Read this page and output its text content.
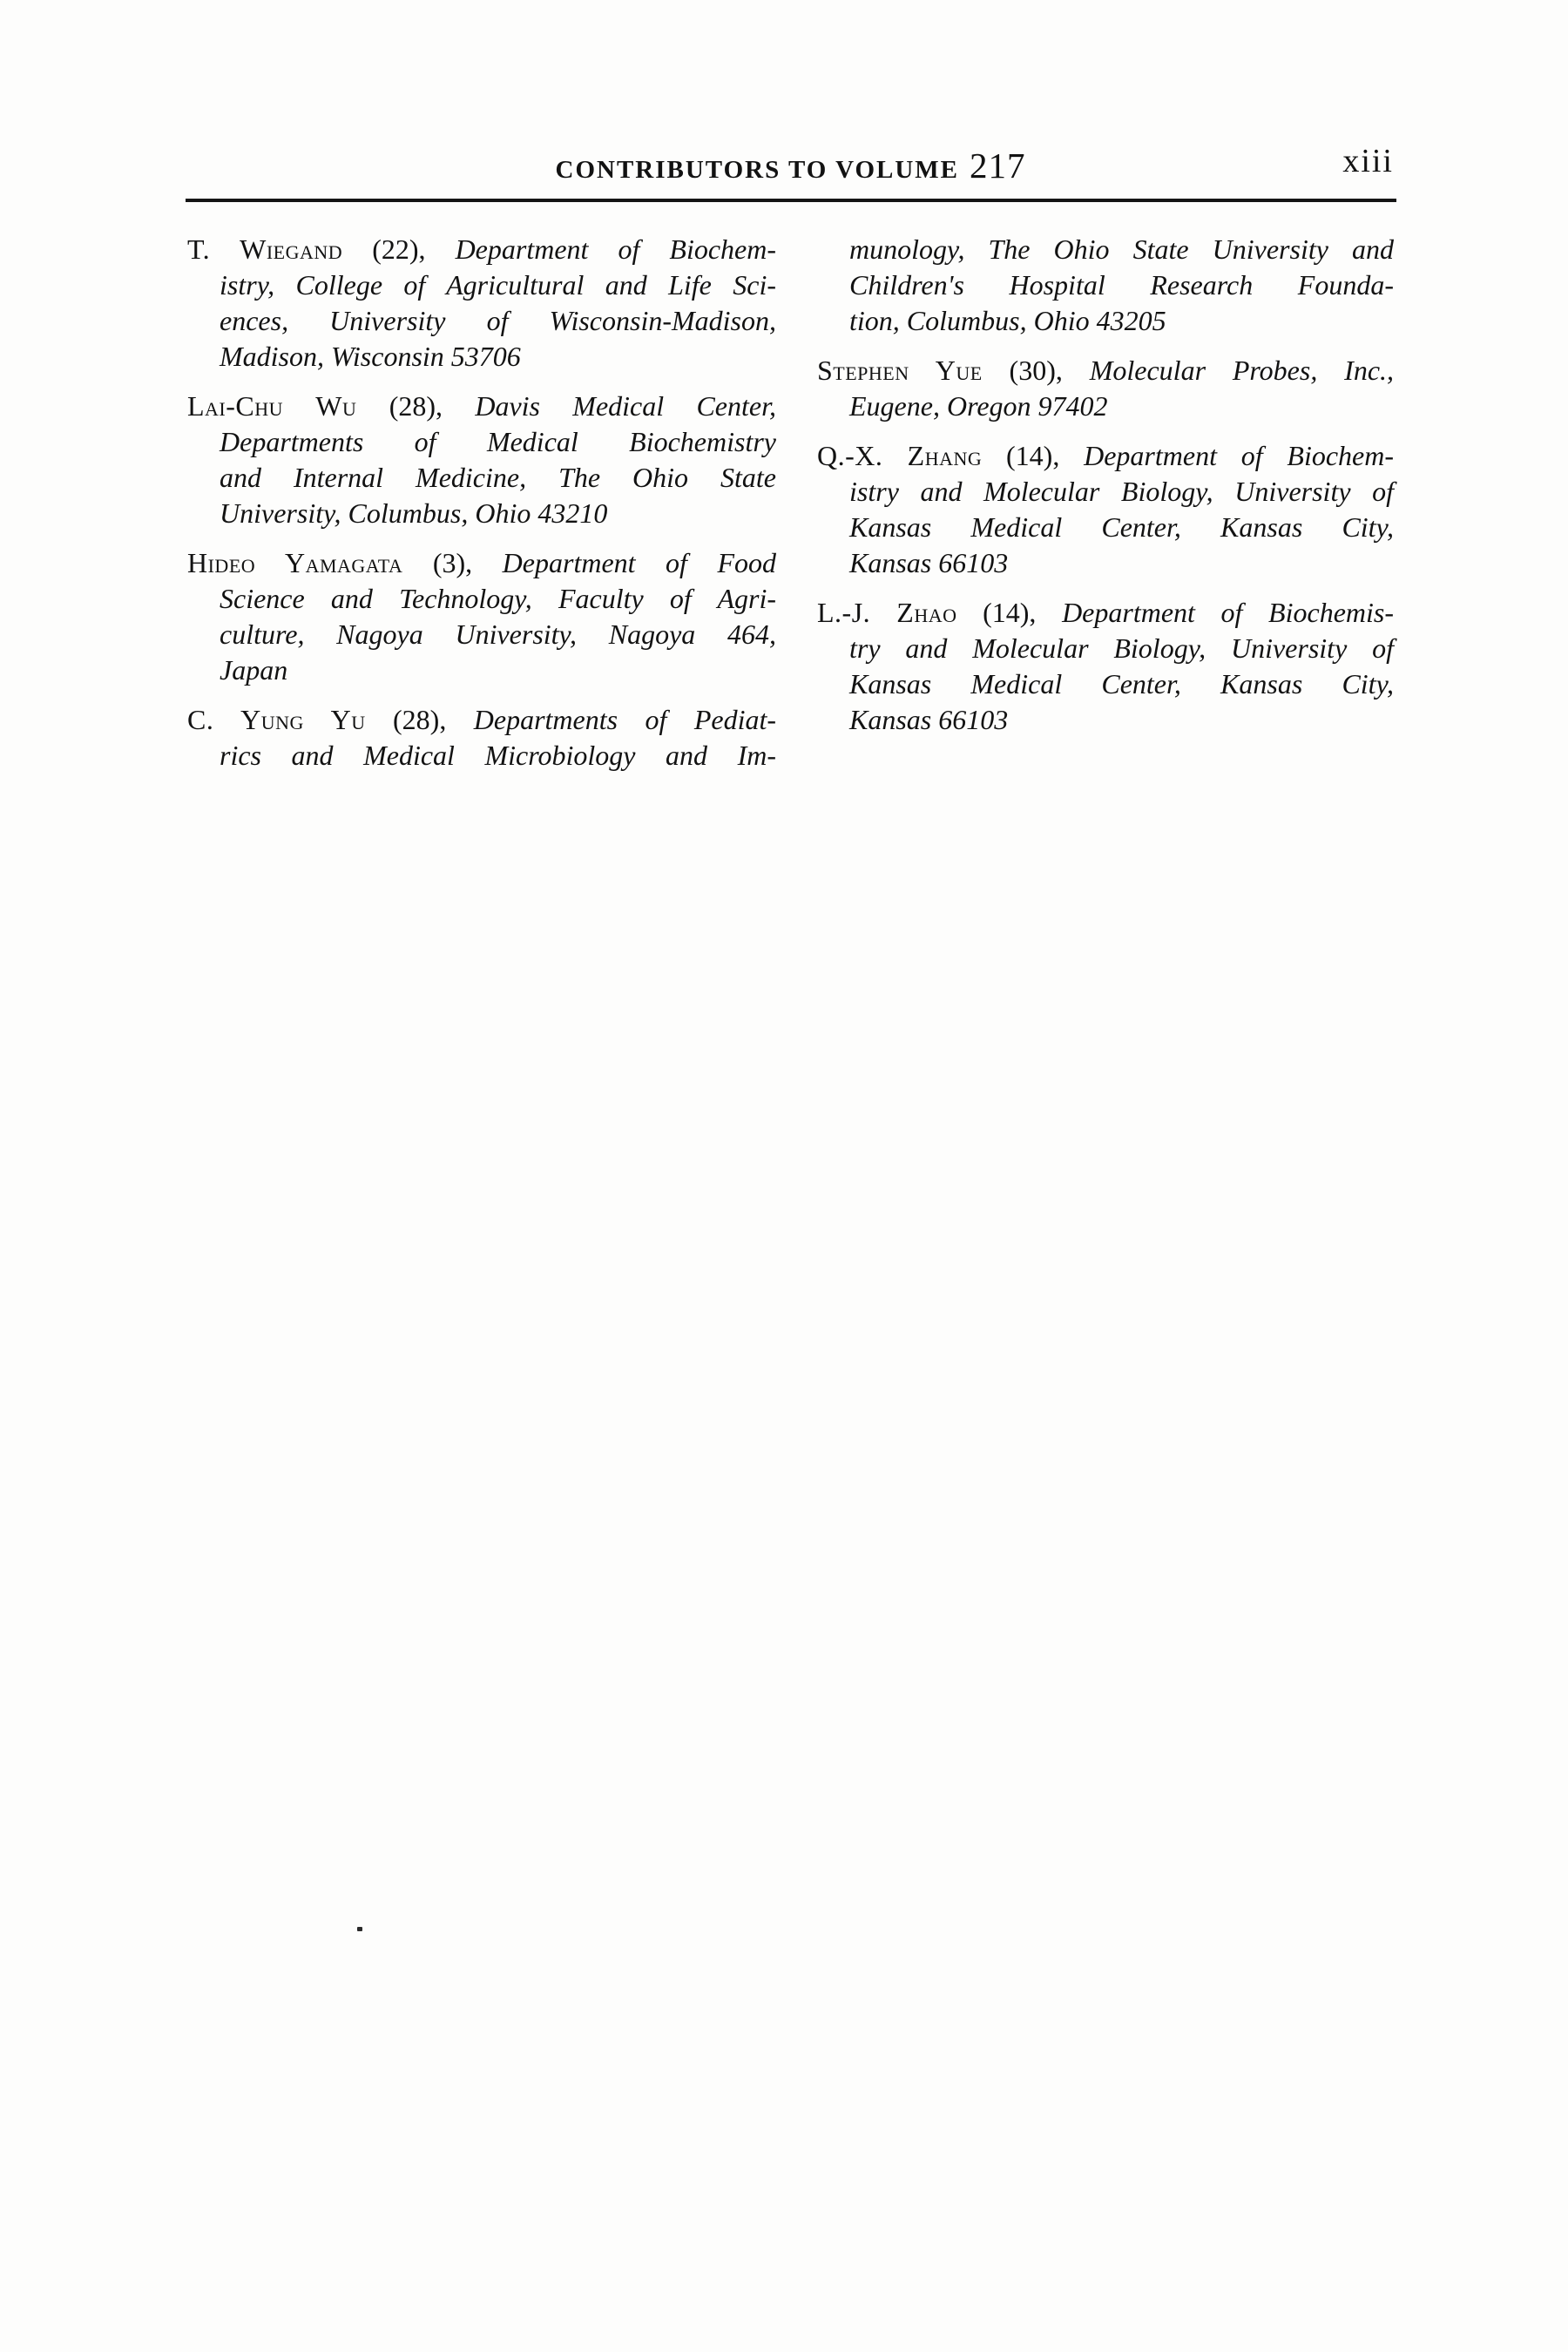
CONTRIBUTORS TO VOLUME 217	xiii
T. Wiegand (22), Department of Biochem-
istry, College of Agricultural and Life Sci-
ences, University of Wisconsin-Madison,
Madison, Wisconsin 53706
Lai-Chu Wu (28), Davis Medical Center,
Departments of Medical Biochemistry
and Internal Medicine, The Ohio State
University, Columbus, Ohio 43210
Hideo Yamagata (3), Department of Food
Science and Technology, Faculty of Agri-
culture, Nagoya University, Nagoya 464,
Japan
C. Yung Yu (28), Departments of Pediat-
rics and Medical Microbiology and Im-
munology, The Ohio State University and
Children's Hospital Research Founda-
tion, Columbus, Ohio 43205
Stephen Yue (30), Molecular Probes, Inc.,
Eugene, Oregon 97402
Q.-X. Zhang (14), Department of Biochem-
istry and Molecular Biology, University of
Kansas Medical Center, Kansas City,
Kansas 66103
L.-J. Zhao (14), Department of Biochemis-
try and Molecular Biology, University of
Kansas Medical Center, Kansas City,
Kansas 66103
